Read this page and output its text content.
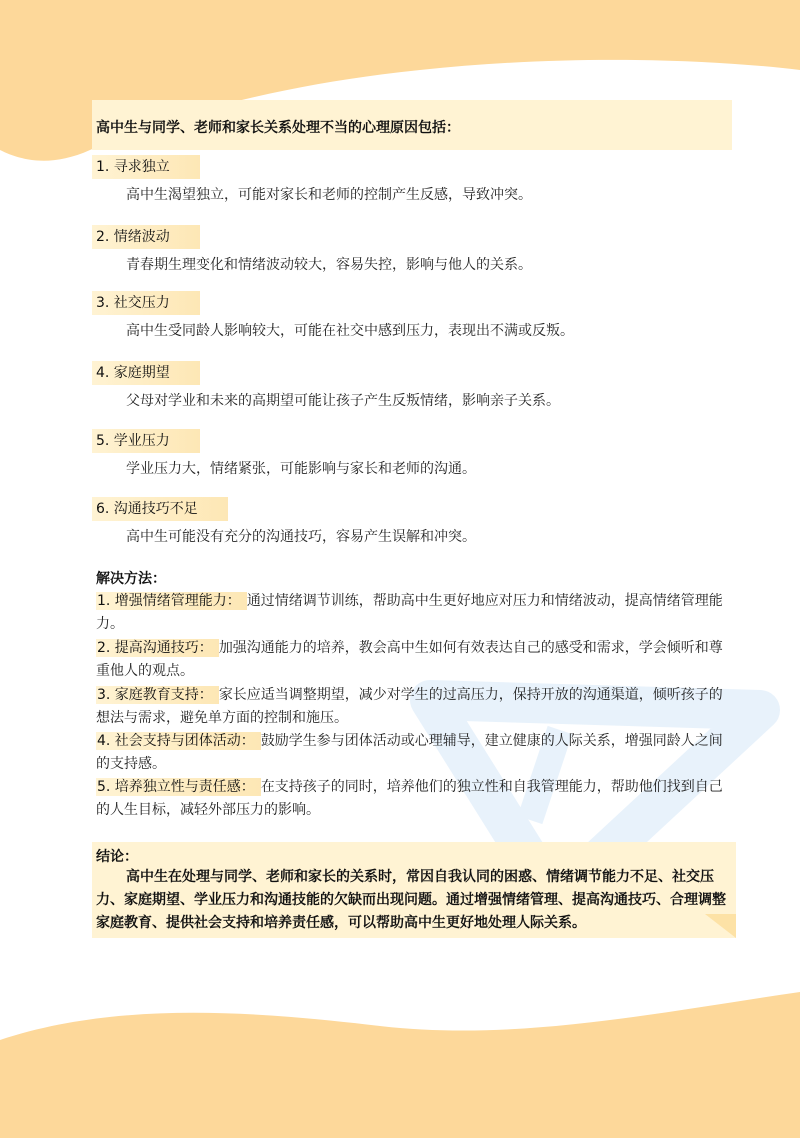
高中生与同学、老师和家长关系处理不当的心理原因包括：
1. 寻求独立
高中生渴望独立，可能对家长和老师的控制产生反感，导致冲突。
2. 情绪波动
青春期生理变化和情绪波动较大，容易失控，影响与他人的关系。
3. 社交压力
高中生受同龄人影响较大，可能在社交中感到压力，表现出不满或反叛。
4. 家庭期望
父母对学业和未来的高期望可能让孩子产生反叛情绪，影响亲子关系。
5. 学业压力
学业压力大，情绪紧张，可能影响与家长和老师的沟通。
6. 沟通技巧不足
高中生可能没有充分的沟通技巧，容易产生误解和冲突。
解决方法：
1. 增强情绪管理能力： 通过情绪调节训练，帮助高中生更好地应对压力和情绪波动，提高情绪管理能力。
2. 提高沟通技巧： 加强沟通能力的培养，教会高中生如何有效表达自己的感受和需求，学会倾听和尊重他人的观点。
3. 家庭教育支持： 家长应适当调整期望，减少对学生的过高压力，保持开放的沟通渠道，倾听孩子的想法与需求，避免单方面的控制和施压。
4. 社会支持与团体活动： 鼓励学生参与团体活动或心理辅导，建立健康的人际关系，增强同龄人之间的支持感。
5. 培养独立性与责任感： 在支持孩子的同时，培养他们的独立性和自我管理能力，帮助他们找到自己的人生目标，减轻外部压力的影响。
结论：
高中生在处理与同学、老师和家长的关系时，常因自我认同的困惑、情绪调节能力不足、社交压力、家庭期望、学业压力和沟通技能的欠缺而出现问题。通过增强情绪管理、提高沟通技巧、合理调整家庭教育、提供社会支持和培养责任感，可以帮助高中生更好地处理人际关系。
